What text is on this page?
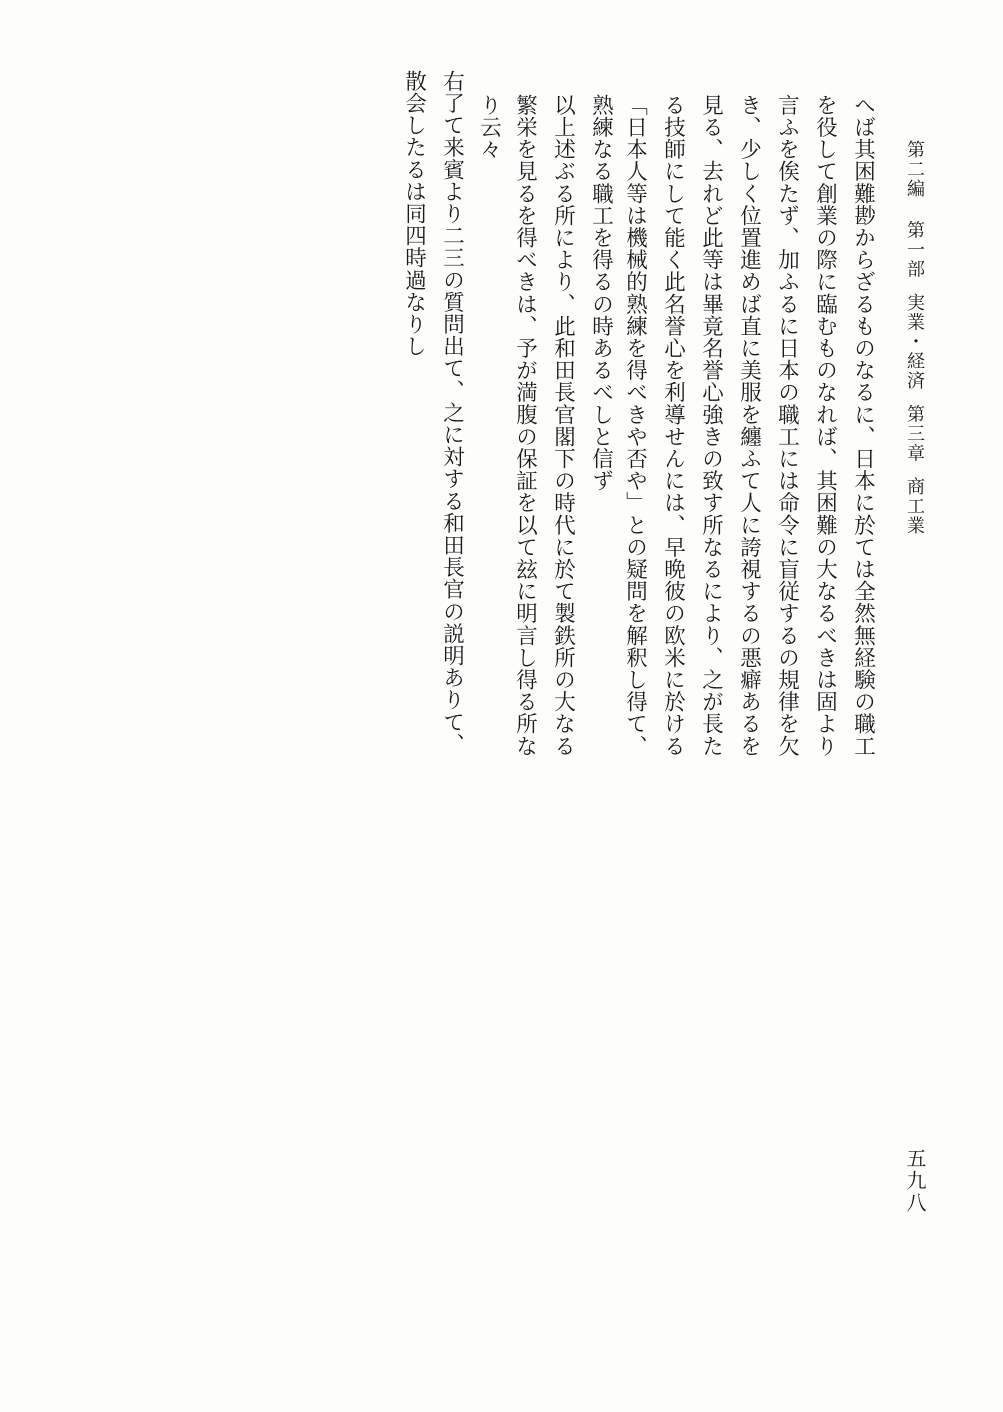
第二編第一部実業・経済第三章商工業
へば其困難尠からざるものなるに、日本に於ては全然無経験の職工
を役して創業の際に臨むものなれば、其困難の大なるべきは固より
言ふを俟たず、加ふるに日本の職工には命令に盲従するの規律を欠
き、少しく位置進めば直に美服を纏ふて人に誇視するの悪癖あるを
見る、去れど此等は畢竟名誉心強きの致す所なるにより、之が長た
る技師にして能く此名誉心を利導せんには、早晩彼の欧米に於ける
「日本人等は機械的熟練を得べきや否や」との疑問を解釈し得て、
熟練なる職工を得るの時あるべしと信ず
以上述ぶる所により、此和田長官閣下の時代に於て製鉄所の大なる
繁栄を見るを得べきは、予が満腹の保証を以て玆に明言し得る所な
り云々
右了て来賓より二三の質問出て、之に対する和田長官の説明ありて、
散会したるは同四時過なりし
五九八
